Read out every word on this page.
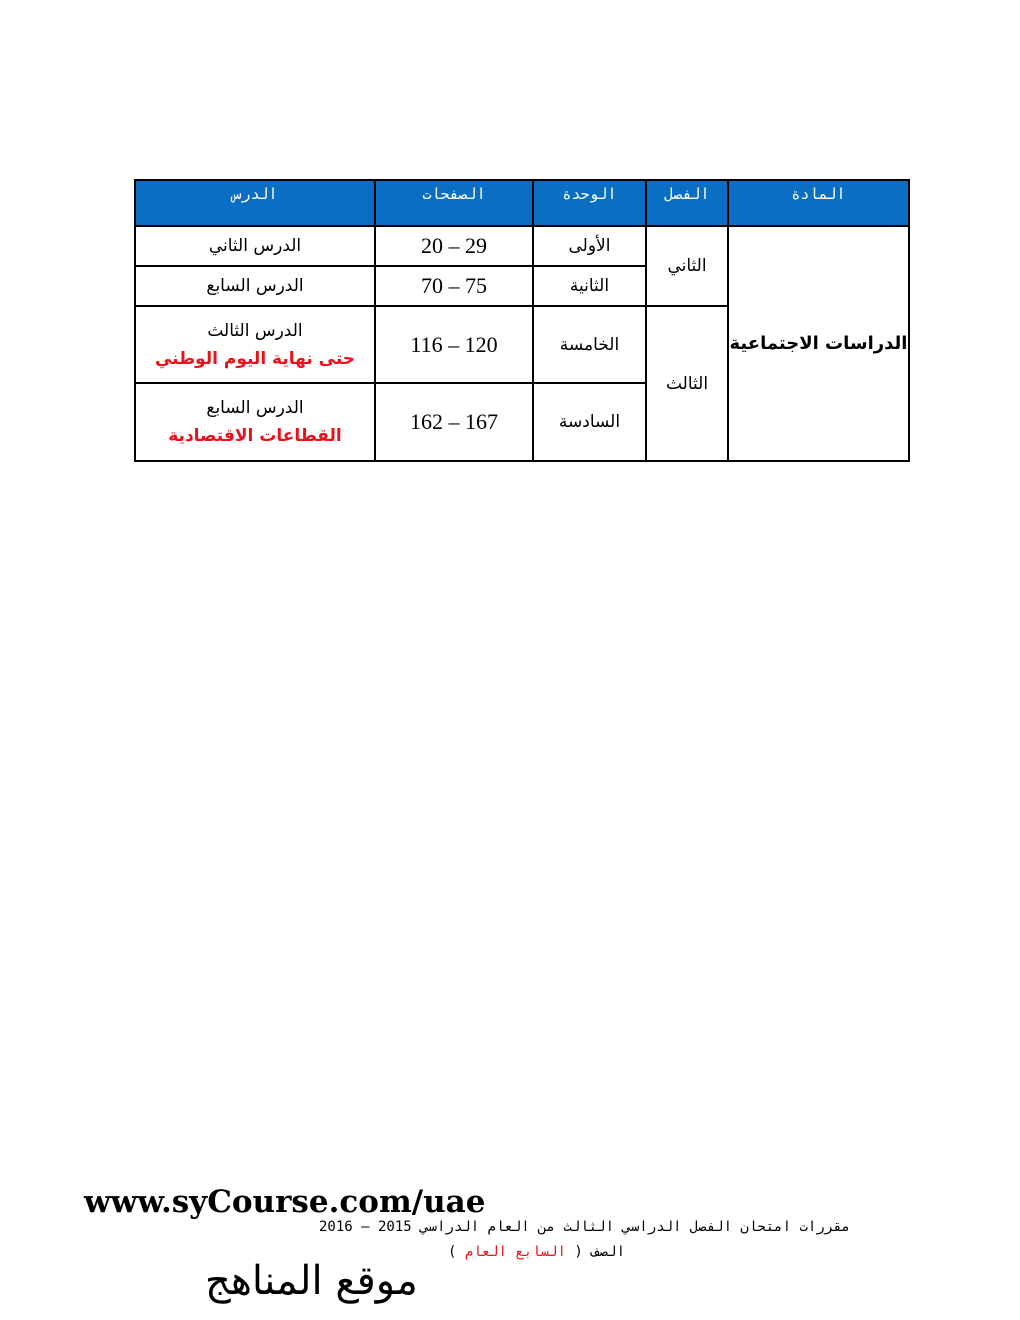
المادة	الفصل	الوحدة	الصفحات	الدرس
الدراسات الاجتماعية	الثاني	الأولى	20 – 29	الدرس الثاني

		الثانية	70 – 75	الدرس السابع

	الثالث	الخامسة	116 – 120	الدرس الثالث
حتى نهاية اليوم الوطني

		السادسة	162 – 167	الدرس السابع
القطاعات الاقتصادية
www.syCourse.com/uae
مقررات امتحان الفصل الدراسي الثالث من العام الدراسي 2015 – 2016
الصف ( السابع العام )
موقع المناهج
